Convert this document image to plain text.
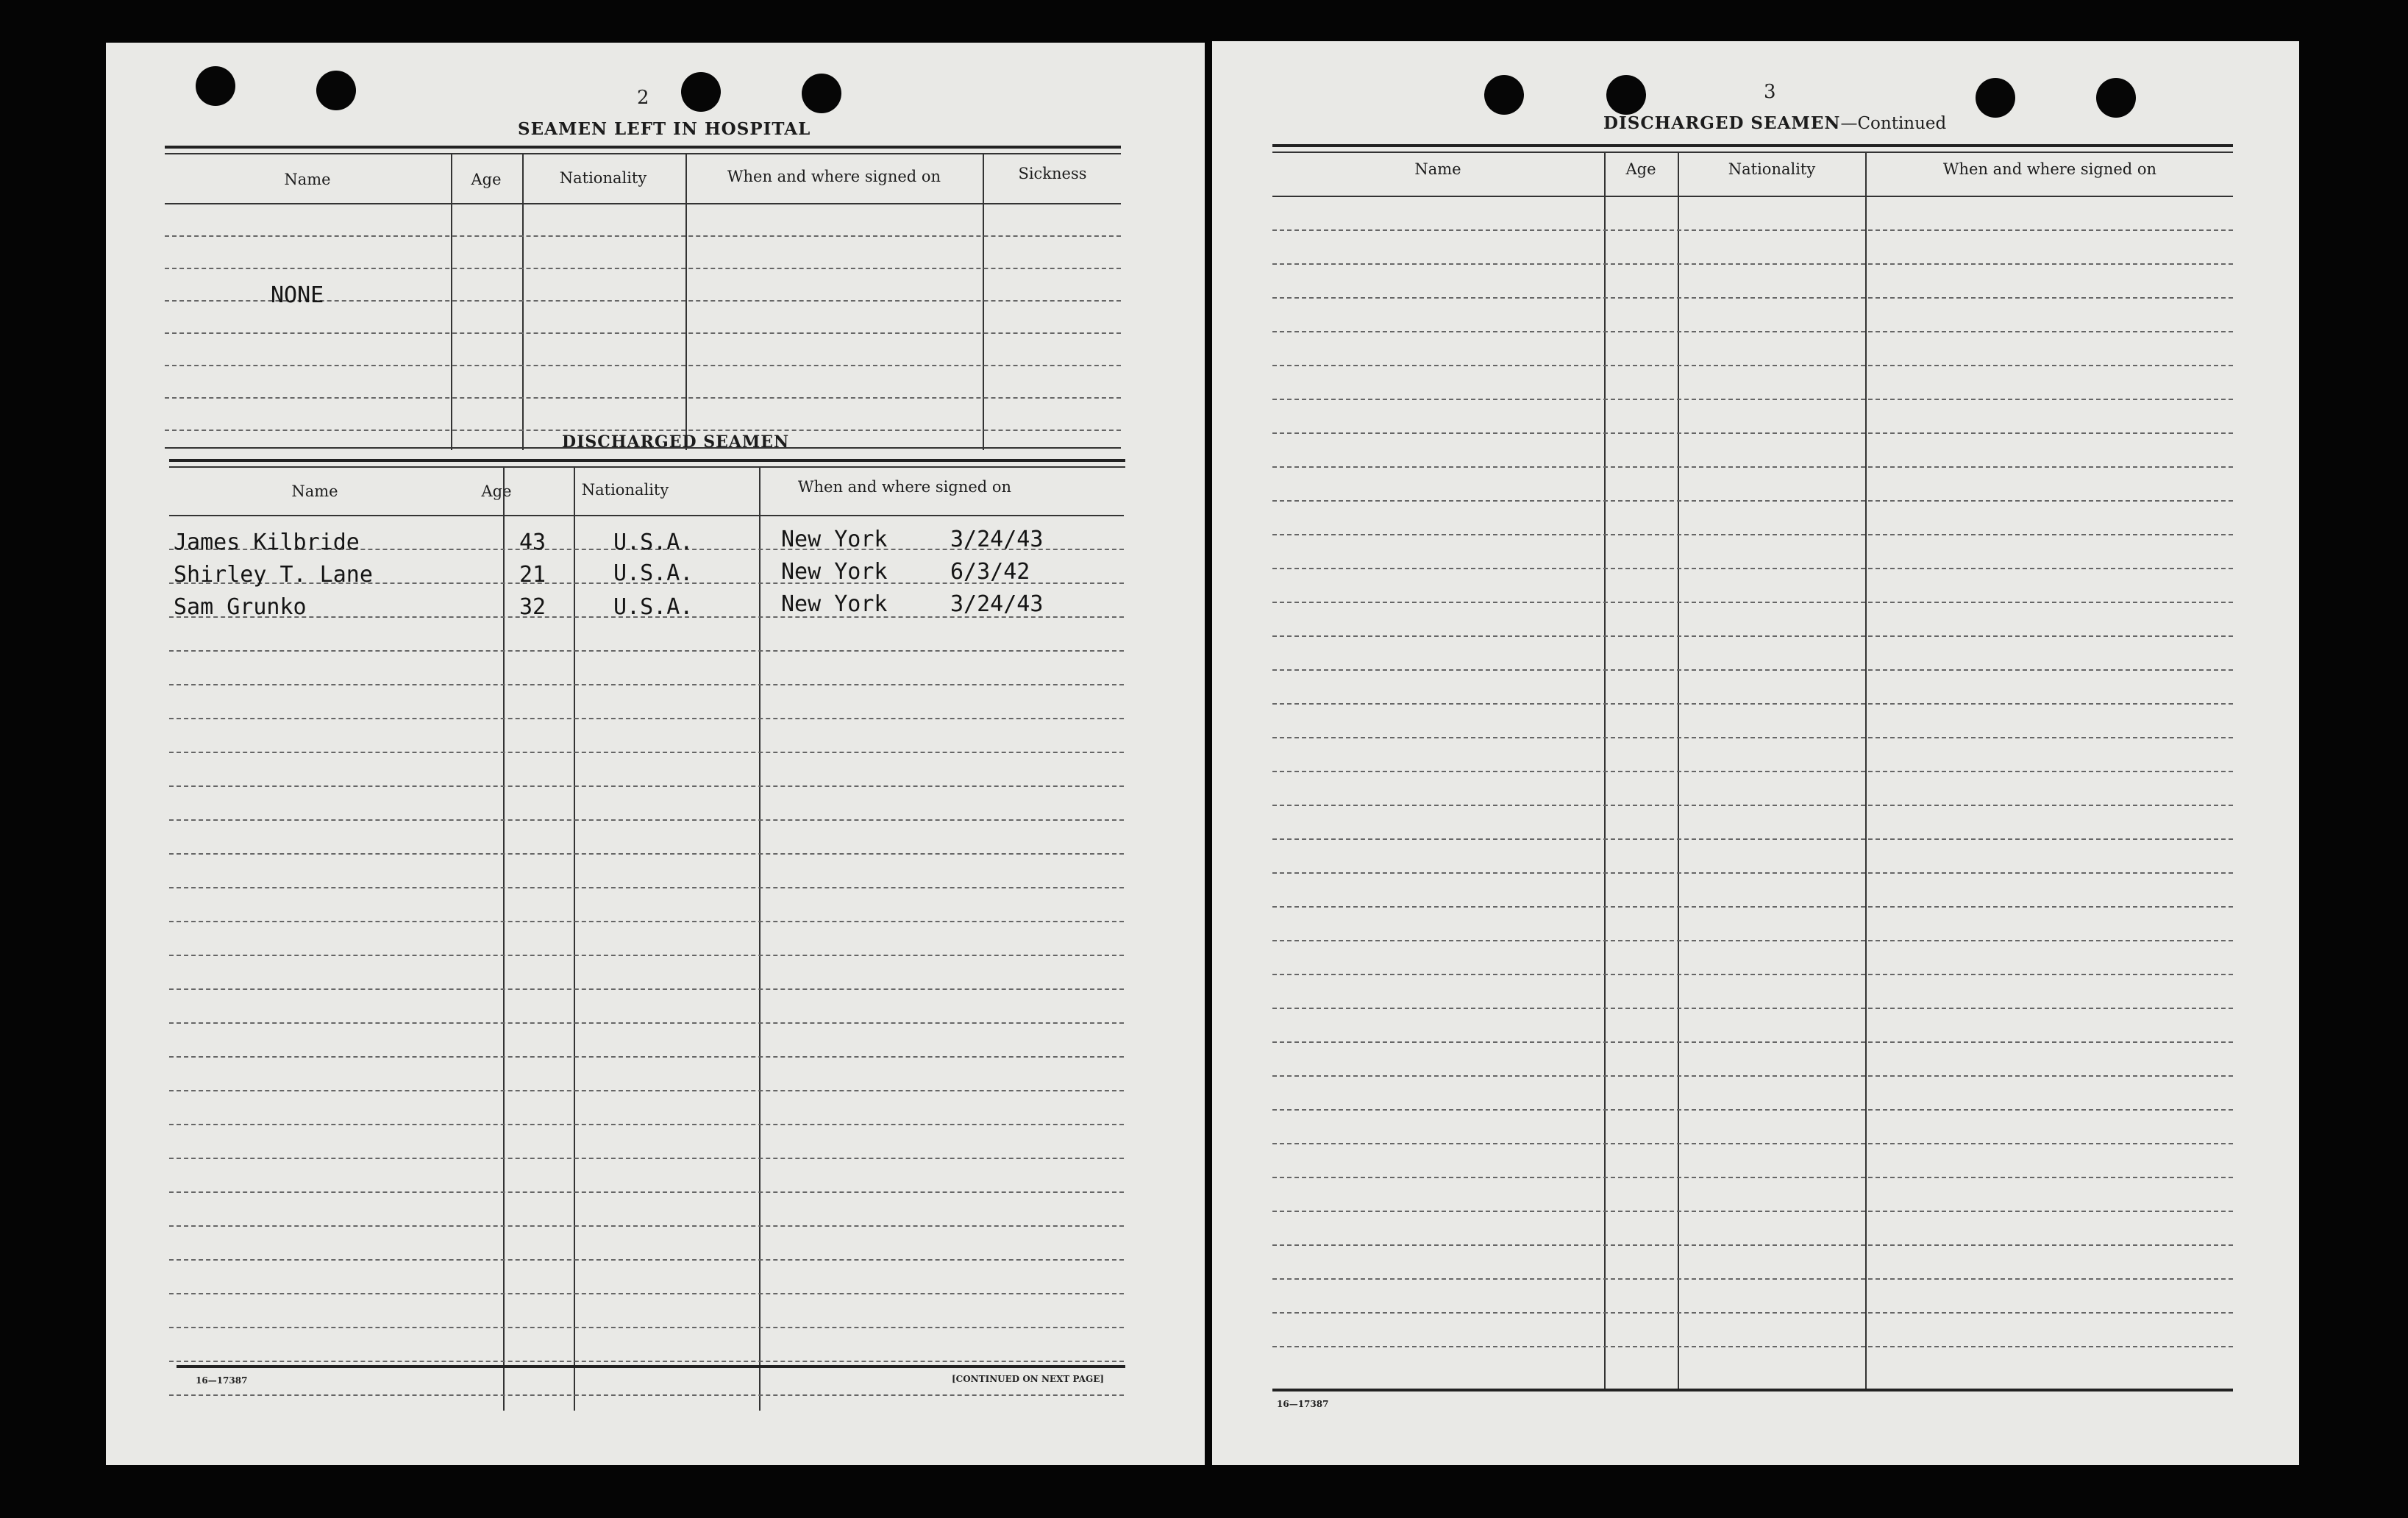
2
SEAMEN LEFT IN HOSPITAL
Name	Age	Nationality	When and where signed on	Sickness
NONE
DISCHARGED SEAMEN
Name	Age	Nationality	When and where signed on
James Kilbride	43	U.S.A.	New York	3/24/43
Shirley T. Lane	21	U.S.A.	New York	6/3/42
Sam Grunko	32	U.S.A.	New York	3/24/43
16—17387	[CONTINUED ON NEXT PAGE]
3
DISCHARGED SEAMEN—Continued
Name	Age	Nationality	When and where signed on
16—17387
